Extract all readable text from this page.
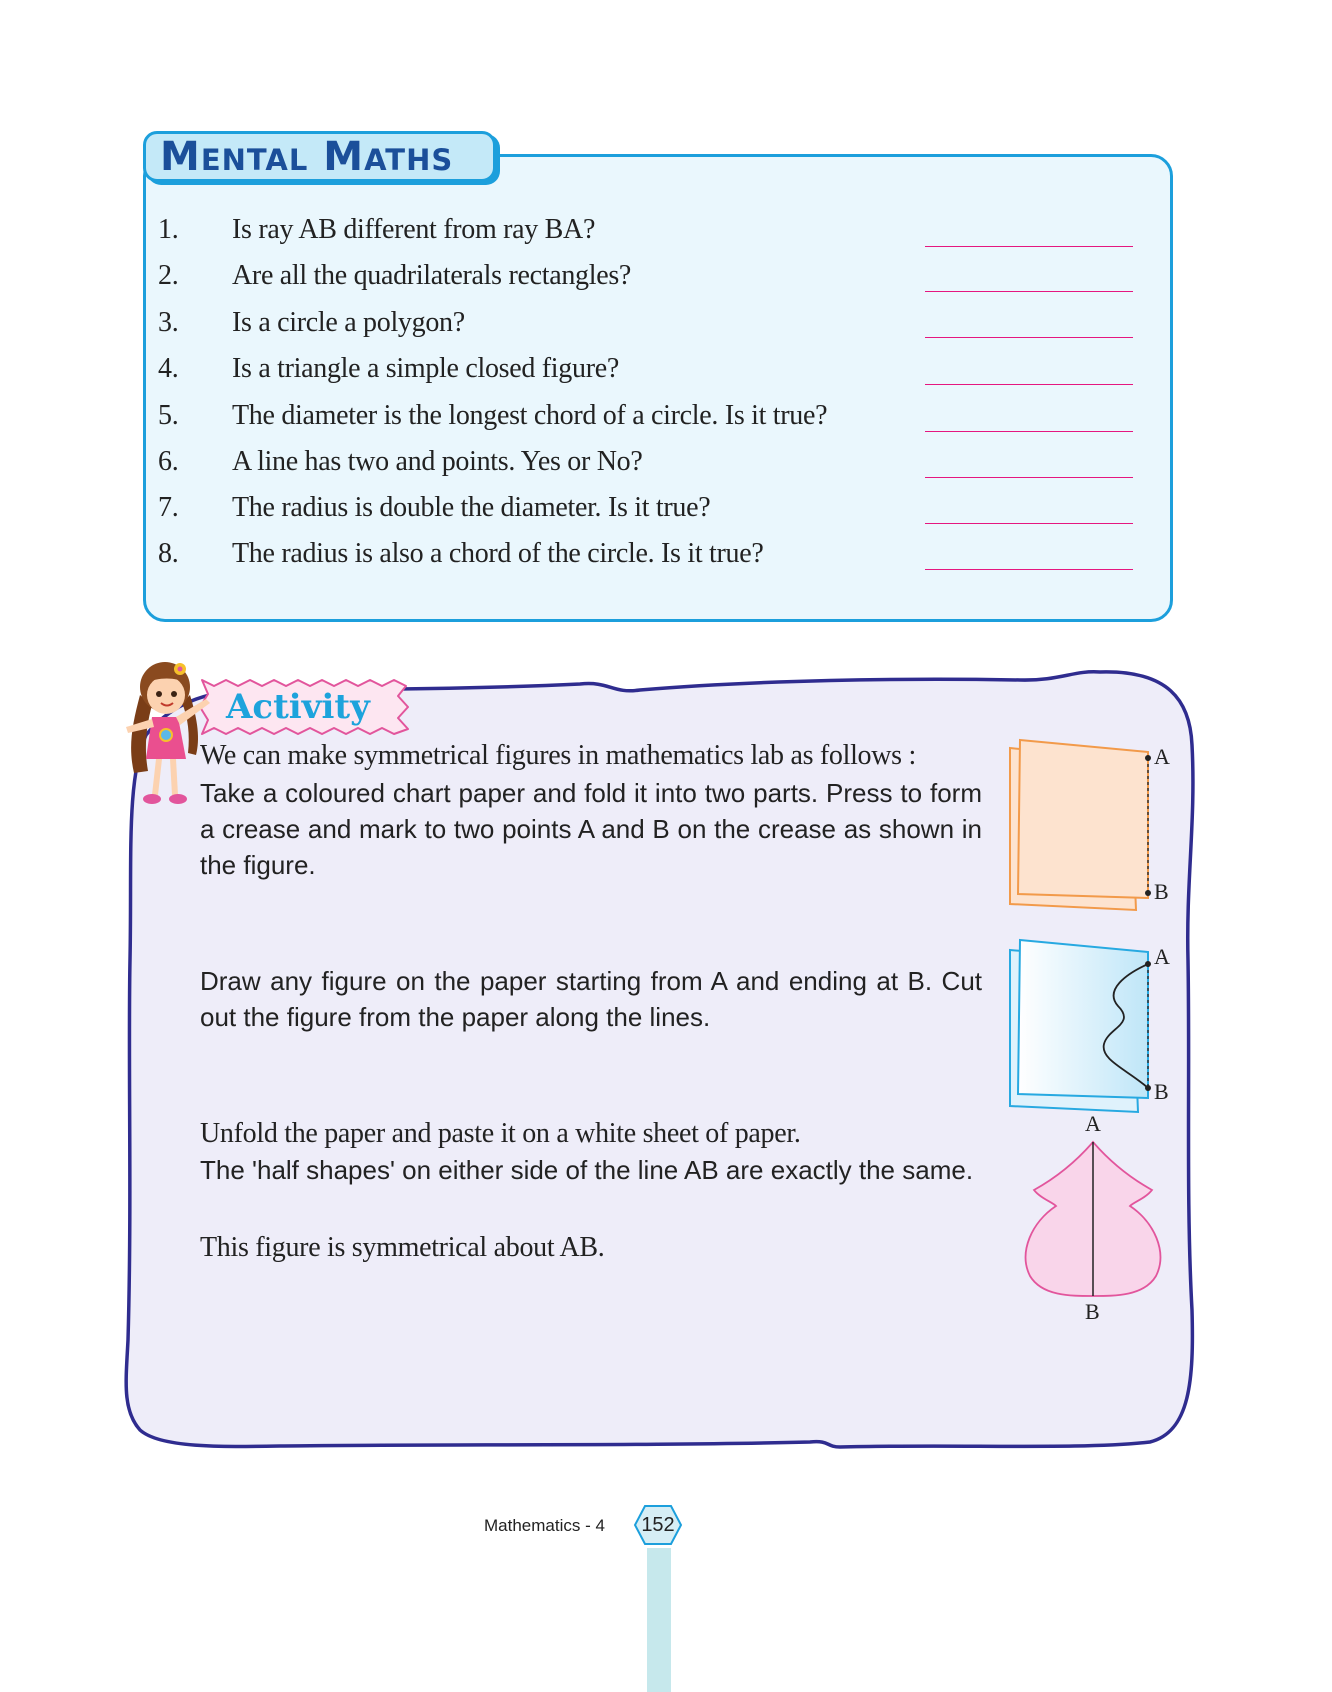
MENTAL MATHS
1.	Is ray AB different from ray BA?
2.	Are all the quadrilaterals rectangles?
3.	Is a circle a polygon?
4.	Is a triangle a simple closed figure?
5.	The diameter is the longest chord of a circle. Is it true?
6.	A line has two and points. Yes or No?
7.	The radius is double the diameter. Is it true?
8.	The radius is also a chord of the circle. Is it true?
Activity

We can make symmetrical figures in mathematics lab as follows :

Take a coloured chart paper and fold it into two parts. Press to form a crease and mark to two points A and B on the crease as shown in the figure.

Draw any figure on the paper starting from A and ending at B. Cut out the figure from the paper along the lines.

Unfold the paper and paste it on a white sheet of paper.

The 'half shapes' on either side of the line AB are exactly the same.

This figure is symmetrical about AB.

A
B
A
B
A
B
Mathematics - 4	152
